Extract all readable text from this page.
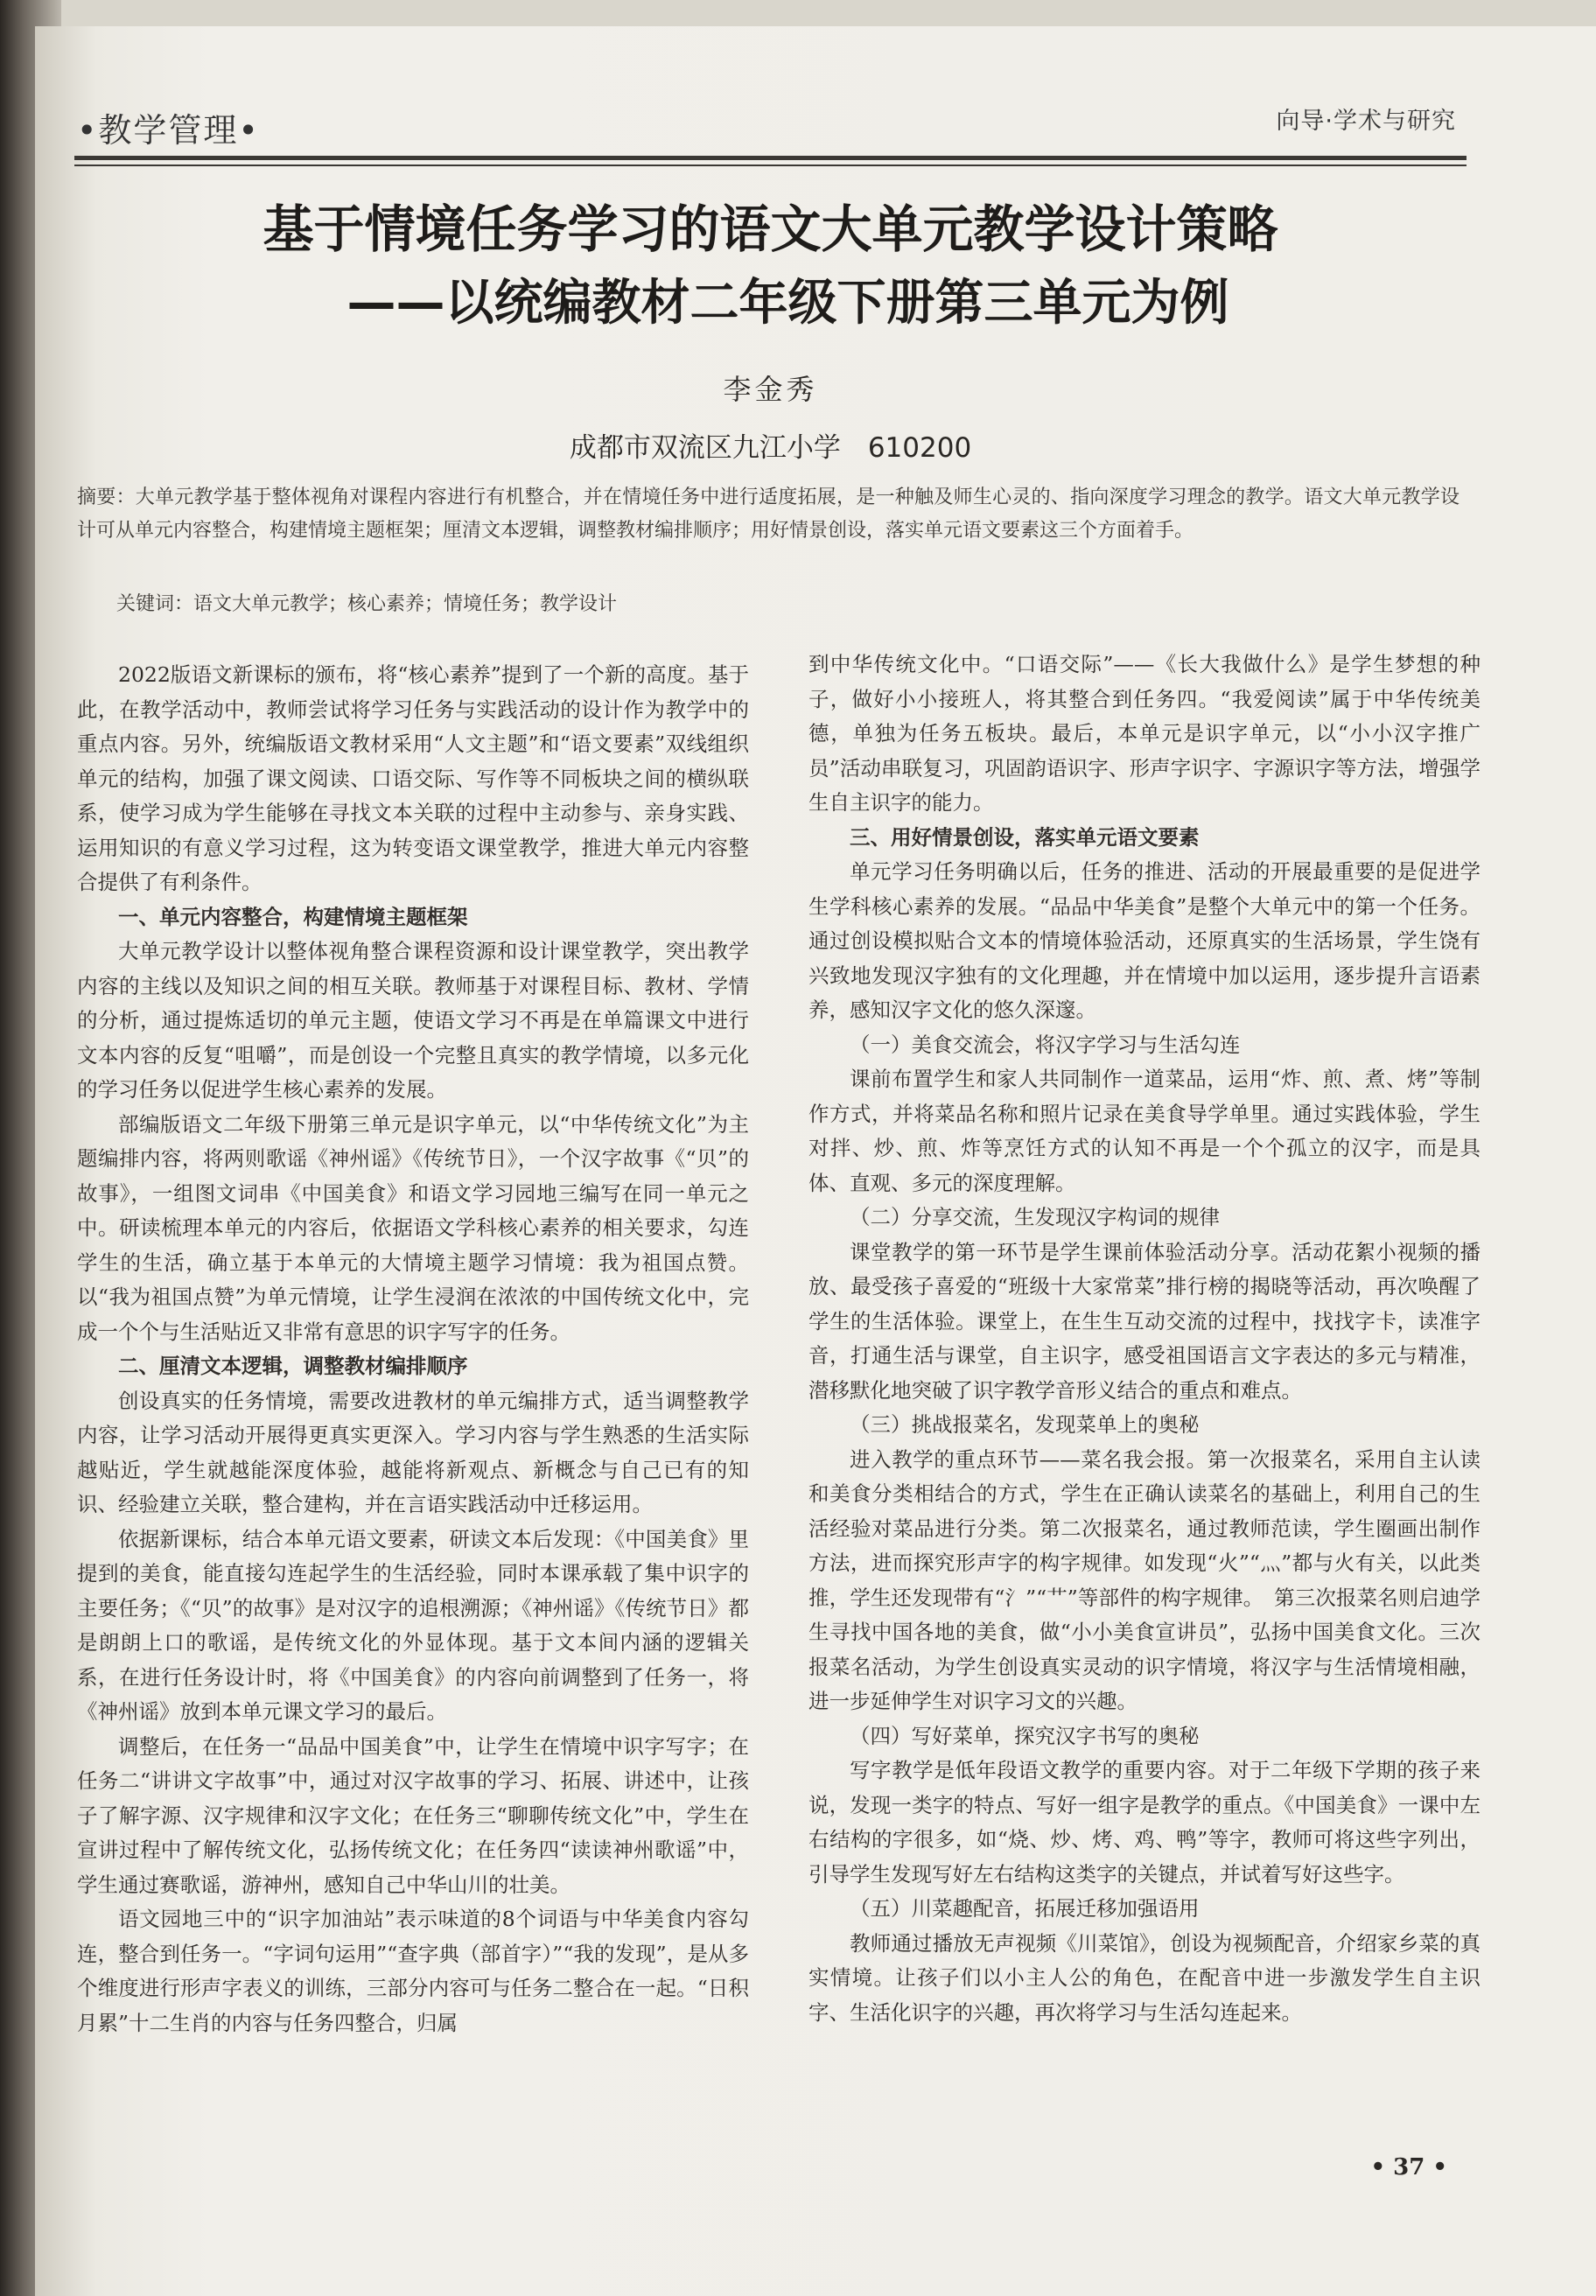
•教学管理•	向导·学术与研究
基于情境任务学习的语文大单元教学设计策略
——以统编教材二年级下册第三单元为例
李金秀
成都市双流区九江小学　610200
摘要：大单元教学基于整体视角对课程内容进行有机整合，并在情境任务中进行适度拓展，是一种触及师生心灵的、指向深度学习理念的教学。语文大单元教学设计可从单元内容整合，构建情境主题框架；厘清文本逻辑，调整教材编排顺序；用好情景创设，落实单元语文要素这三个方面着手。
关键词：语文大单元教学；核心素养；情境任务；教学设计

2022版语文新课标的颁布，将“核心素养”提到了一个新的高度。基于此，在教学活动中，教师尝试将学习任务与实践活动的设计作为教学中的重点内容。另外，统编版语文教材采用“人文主题”和“语文要素”双线组织单元的结构，加强了课文阅读、口语交际、写作等不同板块之间的横纵联系，使学习成为学生能够在寻找文本关联的过程中主动参与、亲身实践、运用知识的有意义学习过程，这为转变语文课堂教学，推进大单元内容整合提供了有利条件。

一、单元内容整合，构建情境主题框架

大单元教学设计以整体视角整合课程资源和设计课堂教学，突出教学内容的主线以及知识之间的相互关联。教师基于对课程目标、教材、学情的分析，通过提炼适切的单元主题，使语文学习不再是在单篇课文中进行文本内容的反复“咀嚼”，而是创设一个完整且真实的教学情境，以多元化的学习任务以促进学生核心素养的发展。

部编版语文二年级下册第三单元是识字单元，以“中华传统文化”为主题编排内容，将两则歌谣《神州谣》《传统节日》，一个汉字故事《“贝”的故事》，一组图文词串《中国美食》和语文学习园地三编写在同一单元之中。研读梳理本单元的内容后，依据语文学科核心素养的相关要求，勾连学生的生活，确立基于本单元的大情境主题学习情境：我为祖国点赞。以“我为祖国点赞”为单元情境，让学生浸润在浓浓的中国传统文化中，完成一个个与生活贴近又非常有意思的识字写字的任务。

二、厘清文本逻辑，调整教材编排顺序

创设真实的任务情境，需要改进教材的单元编排方式，适当调整教学内容，让学习活动开展得更真实更深入。学习内容与学生熟悉的生活实际越贴近，学生就越能深度体验，越能将新观点、新概念与自己已有的知识、经验建立关联，整合建构，并在言语实践活动中迁移运用。

依据新课标，结合本单元语文要素，研读文本后发现：《中国美食》里提到的美食，能直接勾连起学生的生活经验，同时本课承载了集中识字的主要任务；《“贝”的故事》是对汉字的追根溯源；《神州谣》《传统节日》都是朗朗上口的歌谣，是传统文化的外显体现。基于文本间内涵的逻辑关系，在进行任务设计时，将《中国美食》的内容向前调整到了任务一，将《神州谣》放到本单元课文学习的最后。

调整后，在任务一“品品中国美食”中，让学生在情境中识字写字；在任务二“讲讲文字故事”中，通过对汉字故事的学习、拓展、讲述中，让孩子了解字源、汉字规律和汉字文化；在任务三“聊聊传统文化”中，学生在宣讲过程中了解传统文化，弘扬传统文化；在任务四“读读神州歌谣”中，学生通过赛歌谣，游神州，感知自己中华山川的壮美。

语文园地三中的“识字加油站”表示味道的8个词语与中华美食内容勾连，整合到任务一。“字词句运用”“查字典（部首字）”“我的发现”，是从多个维度进行形声字表义的训练，三部分内容可与任务二整合在一起。“日积月累”十二生肖的内容与任务四整合，归属

到中华传统文化中。“口语交际”——《长大我做什么》是学生梦想的种子，做好小小接班人，将其整合到任务四。“我爱阅读”属于中华传统美德，单独为任务五板块。最后，本单元是识字单元，以“小小汉字推广员”活动串联复习，巩固韵语识字、形声字识字、字源识字等方法，增强学生自主识字的能力。

三、用好情景创设，落实单元语文要素

单元学习任务明确以后，任务的推进、活动的开展最重要的是促进学生学科核心素养的发展。“品品中华美食”是整个大单元中的第一个任务。通过创设模拟贴合文本的情境体验活动，还原真实的生活场景，学生饶有兴致地发现汉字独有的文化理趣，并在情境中加以运用，逐步提升言语素养，感知汉字文化的悠久深邃。

（一）美食交流会，将汉字学习与生活勾连

课前布置学生和家人共同制作一道菜品，运用“炸、煎、煮、烤”等制作方式，并将菜品名称和照片记录在美食导学单里。通过实践体验，学生对拌、炒、煎、炸等烹饪方式的认知不再是一个个孤立的汉字，而是具体、直观、多元的深度理解。

（二）分享交流，生发现汉字构词的规律

课堂教学的第一环节是学生课前体验活动分享。活动花絮小视频的播放、最受孩子喜爱的“班级十大家常菜”排行榜的揭晓等活动，再次唤醒了学生的生活体验。课堂上，在生生互动交流的过程中，找找字卡，读准字音，打通生活与课堂，自主识字，感受祖国语言文字表达的多元与精准，潜移默化地突破了识字教学音形义结合的重点和难点。

（三）挑战报菜名，发现菜单上的奥秘

进入教学的重点环节——菜名我会报。第一次报菜名，采用自主认读和美食分类相结合的方式，学生在正确认读菜名的基础上，利用自己的生活经验对菜品进行分类。第二次报菜名，通过教师范读，学生圈画出制作方法，进而探究形声字的构字规律。如发现“火”“灬”都与火有关，以此类推，学生还发现带有“氵”“艹”等部件的构字规律。　第三次报菜名则启迪学生寻找中国各地的美食，做“小小美食宣讲员”，弘扬中国美食文化。三次报菜名活动，为学生创设真实灵动的识字情境，将汉字与生活情境相融，进一步延伸学生对识字习文的兴趣。

（四）写好菜单，探究汉字书写的奥秘

写字教学是低年段语文教学的重要内容。对于二年级下学期的孩子来说，发现一类字的特点、写好一组字是教学的重点。《中国美食》一课中左右结构的字很多，如“烧、炒、烤、鸡、鸭”等字，教师可将这些字列出，引导学生发现写好左右结构这类字的关键点，并试着写好这些字。

（五）川菜趣配音，拓展迁移加强语用

教师通过播放无声视频《川菜馆》，创设为视频配音，介绍家乡菜的真实情境。让孩子们以小主人公的角色，在配音中进一步激发学生自主识字、生活化识字的兴趣，再次将学习与生活勾连起来。

• 37 •
